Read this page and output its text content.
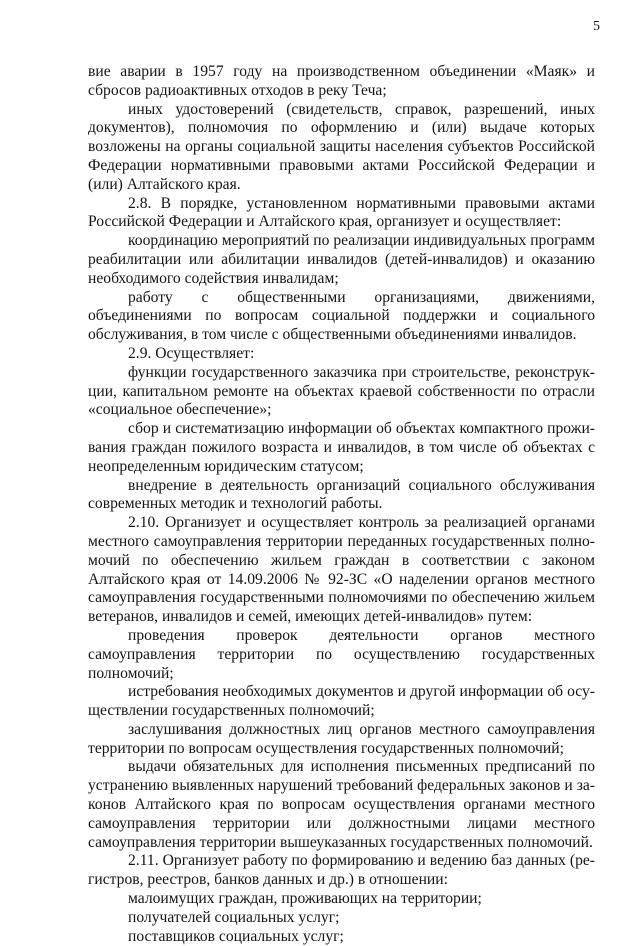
5

вие аварии в 1957 году на производственном объединении «Маяк» и сбросов радиоактивных отходов в реку Теча;

иных удостоверений (свидетельств, справок, разрешений, иных документов), полномочия по оформлению и (или) выдаче которых возложены на органы социальной защиты населения субъектов Российской Федерации нормативными правовыми актами Российской Федерации и (или) Алтайского края.

2.8. В порядке, установленном нормативными правовыми актами Российской Федерации и Алтайского края, организует и осуществляет:

координацию мероприятий по реализации индивидуальных программ реабилитации или абилитации инвалидов (детей-инвалидов) и оказанию необходимого содействия инвалидам;

работу с общественными организациями, движениями, объединениями по вопросам социальной поддержки и социального обслуживания, в том числе с общественными объединениями инвалидов.

2.9. Осуществляет:

функции государственного заказчика при строительстве, реконструкции, капитальном ремонте на объектах краевой собственности по отрасли «социальное обеспечение»;

сбор и систематизацию информации об объектах компактного проживания граждан пожилого возраста и инвалидов, в том числе об объектах с неопределенным юридическим статусом;

внедрение в деятельность организаций социального обслуживания современных методик и технологий работы.

2.10. Организует и осуществляет контроль за реализацией органами местного самоуправления территории переданных государственных полномочий по обеспечению жильем граждан в соответствии с законом Алтайского края от 14.09.2006 № 92-ЗС «О наделении органов местного самоуправления государственными полномочиями по обеспечению жильем ветеранов, инвалидов и семей, имеющих детей-инвалидов» путем:

проведения проверок деятельности органов местного самоуправления территории по осуществлению государственных полномочий;

истребования необходимых документов и другой информации об осуществлении государственных полномочий;

заслушивания должностных лиц органов местного самоуправления территории по вопросам осуществления государственных полномочий;

выдачи обязательных для исполнения письменных предписаний по устранению выявленных нарушений требований федеральных законов и законов Алтайского края по вопросам осуществления органами местного самоуправления территории или должностными лицами местного самоуправления территории вышеуказанных государственных полномочий.

2.11. Организует работу по формированию и ведению баз данных (регистров, реестров, банков данных и др.) в отношении:

малоимущих граждан, проживающих на территории;

получателей социальных услуг;

поставщиков социальных услуг;
